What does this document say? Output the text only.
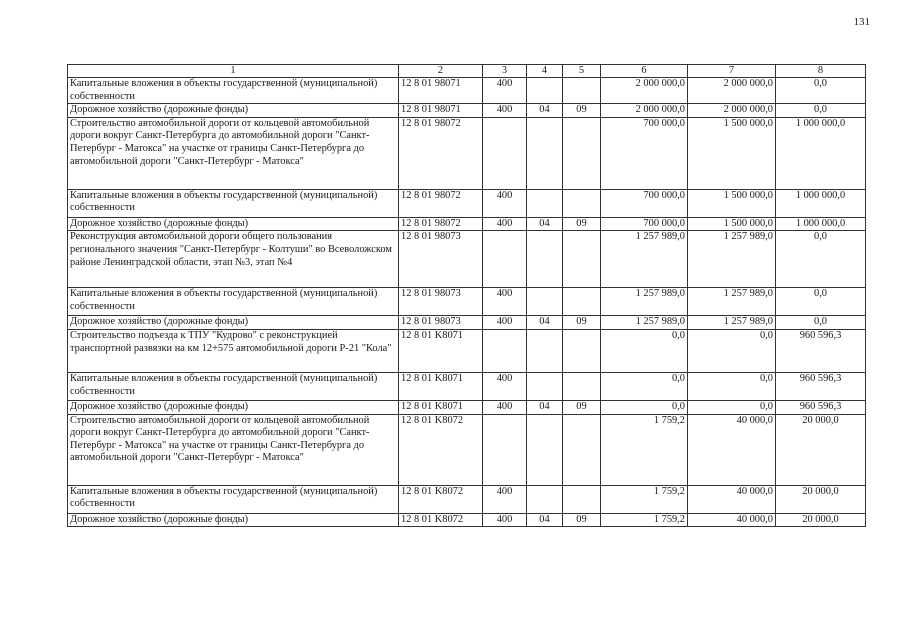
131
1	2	3	4	5	6	7	8
Капитальные вложения в объекты государственной (муниципальной) собственности	12 8 01 98071	400			2 000 000,0	2 000 000,0	0,0
Дорожное хозяйство (дорожные фонды)	12 8 01 98071	400	04	09	2 000 000,0	2 000 000,0	0,0
Строительство автомобильной дороги от кольцевой автомобильной дороги вокруг Санкт-Петербурга до автомобильной дороги "Санкт-Петербург - Матокса" на участке от границы Санкт-Петербурга до автомобильной дороги "Санкт-Петербург - Матокса"	12 8 01 98072				700 000,0	1 500 000,0	1 000 000,0
Капитальные вложения в объекты государственной (муниципальной) собственности	12 8 01 98072	400			700 000,0	1 500 000,0	1 000 000,0
Дорожное хозяйство (дорожные фонды)	12 8 01 98072	400	04	09	700 000,0	1 500 000,0	1 000 000,0
Реконструкция автомобильной дороги общего пользования регионального значения "Санкт-Петербург - Колтуши" во Всеволожском районе Ленинградской области, этап №3, этап №4	12 8 01 98073				1 257 989,0	1 257 989,0	0,0
Капитальные вложения в объекты государственной (муниципальной) собственности	12 8 01 98073	400			1 257 989,0	1 257 989,0	0,0
Дорожное хозяйство (дорожные фонды)	12 8 01 98073	400	04	09	1 257 989,0	1 257 989,0	0,0
Строительство подъезда к ТПУ "Кудрово" с реконструкцией транспортной развязки на км 12+575 автомобильной дороги Р-21 "Кола"	12 8 01 K8071				0,0	0,0	960 596,3
Капитальные вложения в объекты государственной (муниципальной) собственности	12 8 01 K8071	400			0,0	0,0	960 596,3
Дорожное хозяйство (дорожные фонды)	12 8 01 K8071	400	04	09	0,0	0,0	960 596,3
Строительство автомобильной дороги от кольцевой автомобильной дороги вокруг Санкт-Петербурга до автомобильной дороги "Санкт-Петербург - Матокса" на участке от границы Санкт-Петербурга до автомобильной дороги "Санкт-Петербург - Матокса"	12 8 01 K8072				1 759,2	40 000,0	20 000,0
Капитальные вложения в объекты государственной (муниципальной) собственности	12 8 01 K8072	400			1 759,2	40 000,0	20 000,0
Дорожное хозяйство (дорожные фонды)	12 8 01 K8072	400	04	09	1 759,2	40 000,0	20 000,0
